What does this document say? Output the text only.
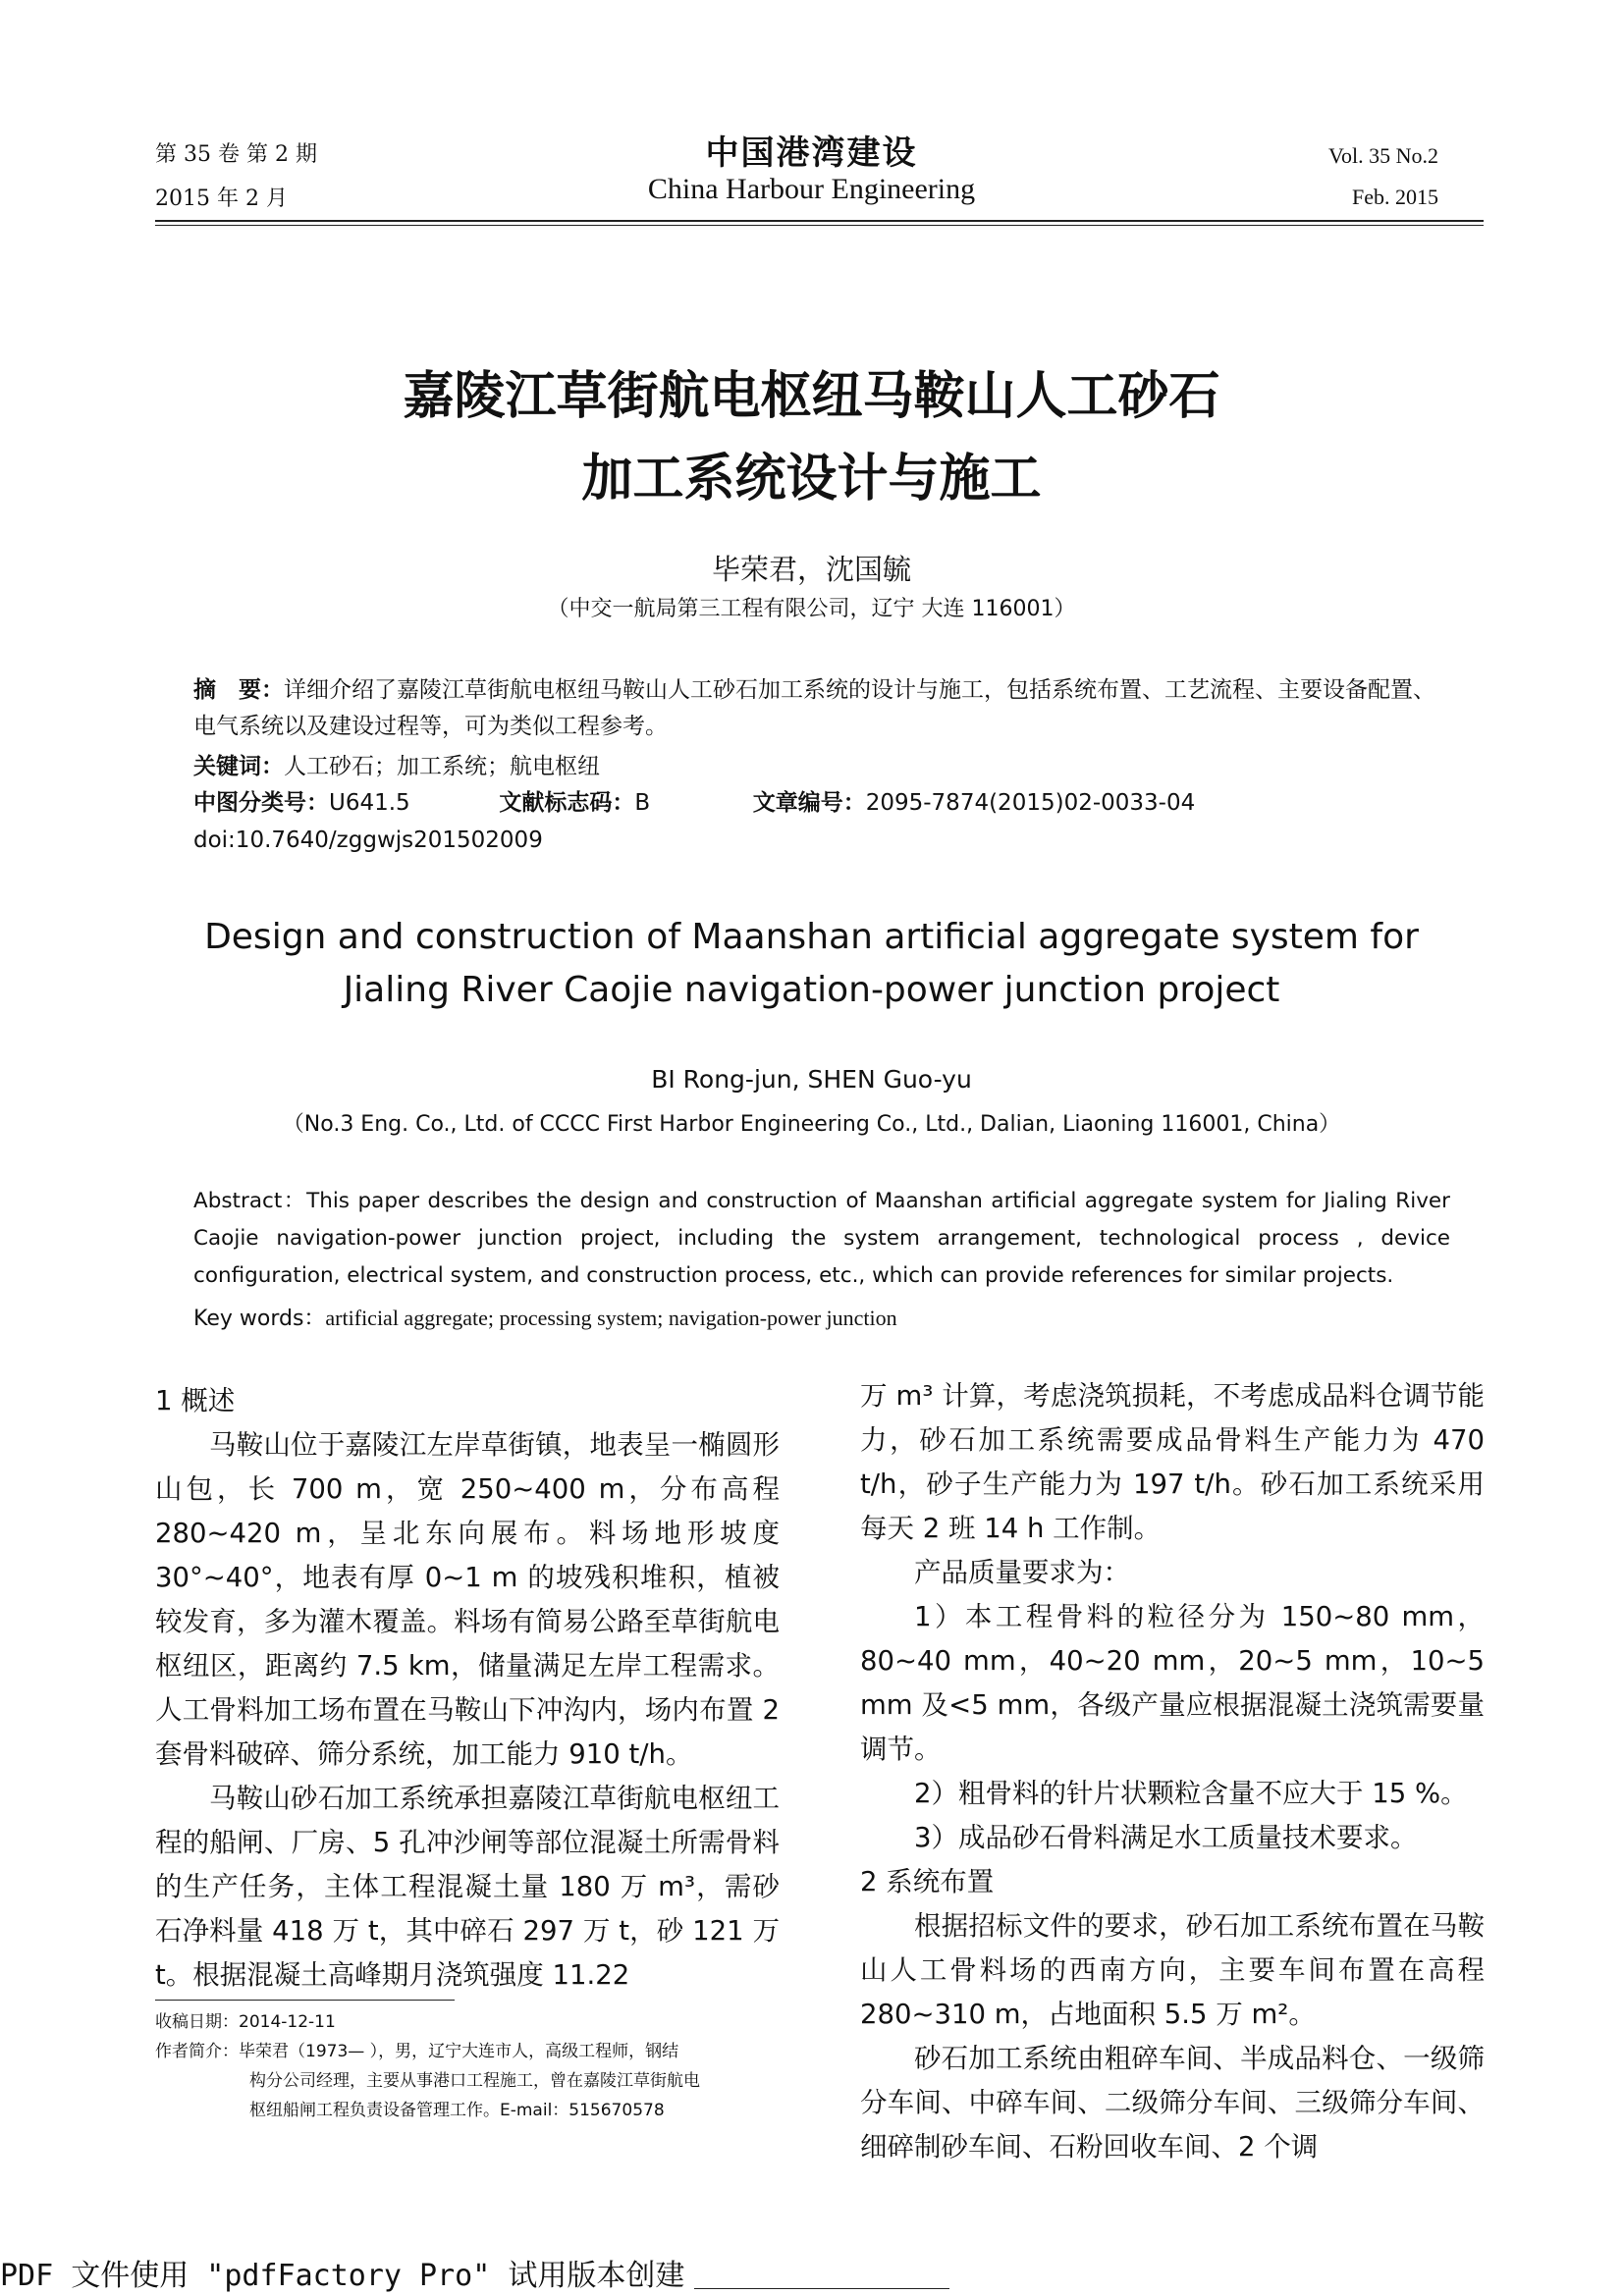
第 35 卷 第 2 期
2015 年 2 月
中国港湾建设
China Harbour Engineering
Vol. 35 No.2
Feb. 2015
嘉陵江草街航电枢纽马鞍山人工砂石
加工系统设计与施工
毕荣君，沈国毓
（中交一航局第三工程有限公司，辽宁 大连 116001）
摘　要：详细介绍了嘉陵江草街航电枢纽马鞍山人工砂石加工系统的设计与施工，包括系统布置、工艺流程、主要设备配置、电气系统以及建设过程等，可为类似工程参考。
关键词：人工砂石；加工系统；航电枢纽
中图分类号：U641.5	文献标志码：B	文章编号：2095-7874(2015)02-0033-04
doi:10.7640/zggwjs201502009
Design and construction of Maanshan artificial aggregate system for
Jialing River Caojie navigation-power junction project
BI Rong-jun, SHEN Guo-yu
（No.3 Eng. Co., Ltd. of CCCC First Harbor Engineering Co., Ltd., Dalian, Liaoning 116001, China）
Abstract：This paper describes the design and construction of Maanshan artificial aggregate system for Jialing River Caojie navigation-power junction project, including the system arrangement, technological process , device configuration, electrical system, and construction process, etc., which can provide references for similar projects.
Key words：artificial aggregate; processing system; navigation-power junction

1 概述

马鞍山位于嘉陵江左岸草街镇，地表呈一椭圆形山包，长 700 m，宽 250~400 m，分布高程 280~420 m，呈北东向展布。料场地形坡度 30°~40°，地表有厚 0~1 m 的坡残积堆积，植被较发育，多为灌木覆盖。料场有简易公路至草街航电枢纽区，距离约 7.5 km，储量满足左岸工程需求。人工骨料加工场布置在马鞍山下冲沟内，场内布置 2 套骨料破碎、筛分系统，加工能力 910 t/h。

马鞍山砂石加工系统承担嘉陵江草街航电枢纽工程的船闸、厂房、5 孔冲沙闸等部位混凝土所需骨料的生产任务，主体工程混凝土量 180 万 m³，需砂石净料量 418 万 t，其中碎石 297 万 t，砂 121 万 t。根据混凝土高峰期月浇筑强度 11.22

万 m³ 计算，考虑浇筑损耗，不考虑成品料仓调节能力，砂石加工系统需要成品骨料生产能力为 470 t/h，砂子生产能力为 197 t/h。砂石加工系统采用每天 2 班 14 h 工作制。

产品质量要求为：

1）本工程骨料的粒径分为 150~80 mm，80~40 mm，40~20 mm，20~5 mm，10~5 mm 及<5 mm，各级产量应根据混凝土浇筑需要量调节。

2）粗骨料的针片状颗粒含量不应大于 15 %。

3）成品砂石骨料满足水工质量技术要求。

2 系统布置

根据招标文件的要求，砂石加工系统布置在马鞍山人工骨料场的西南方向，主要车间布置在高程 280~310 m，占地面积 5.5 万 m²。

砂石加工系统由粗碎车间、半成品料仓、一级筛分车间、中碎车间、二级筛分车间、三级筛分车间、细碎制砂车间、石粉回收车间、2 个调

收稿日期：2014-12-11
作者简介：毕荣君（1973— ），男，辽宁大连市人，高级工程师，钢结
构分公司经理，主要从事港口工程施工，曾在嘉陵江草街航电
枢纽船闸工程负责设备管理工作。E-mail：515670578
PDF 文件使用 "pdfFactory Pro" 试用版本创建
